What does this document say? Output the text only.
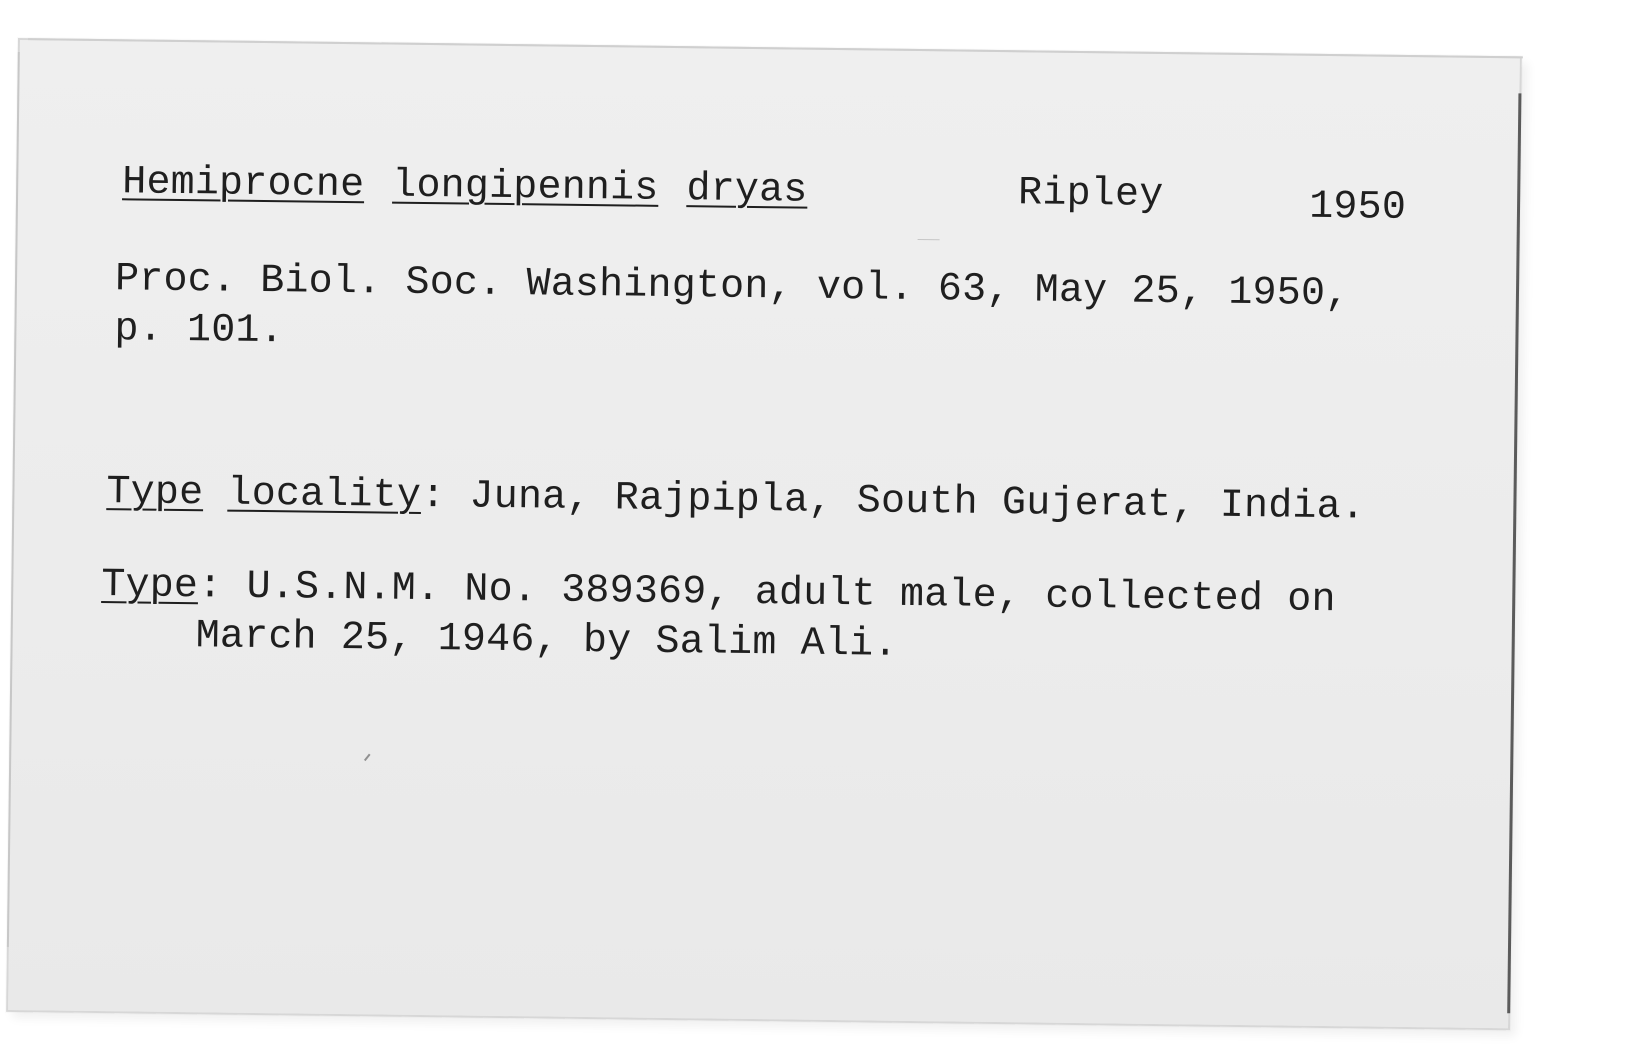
Hemiprocne longipennis dryas	Ripley	1950
Proc. Biol. Soc. Washington, vol. 63, May 25, 1950,
p. 101.
Type locality: Juna, Rajpipla, South Gujerat, India.
Type: U.S.N.M. No. 389369, adult male, collected on
March 25, 1946, by Salim Ali.
